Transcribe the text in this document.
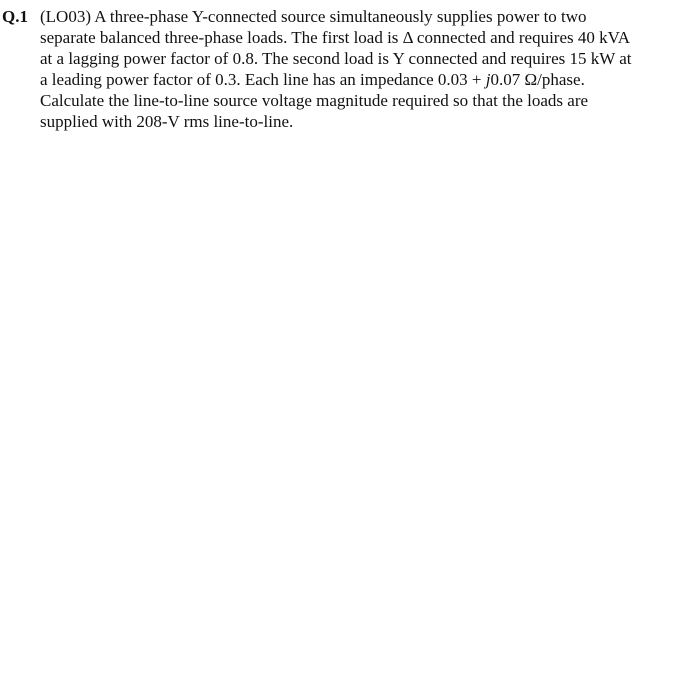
Q.1 (LO03) A three-phase Y-connected source simultaneously supplies power to two
separate balanced three-phase loads. The first load is Δ connected and requires 40 kVA
at a lagging power factor of 0.8. The second load is Y connected and requires 15 kW at
a leading power factor of 0.3. Each line has an impedance 0.03 + j0.07 Ω/phase.
Calculate the line-to-line source voltage magnitude required so that the loads are
supplied with 208-V rms line-to-line.
